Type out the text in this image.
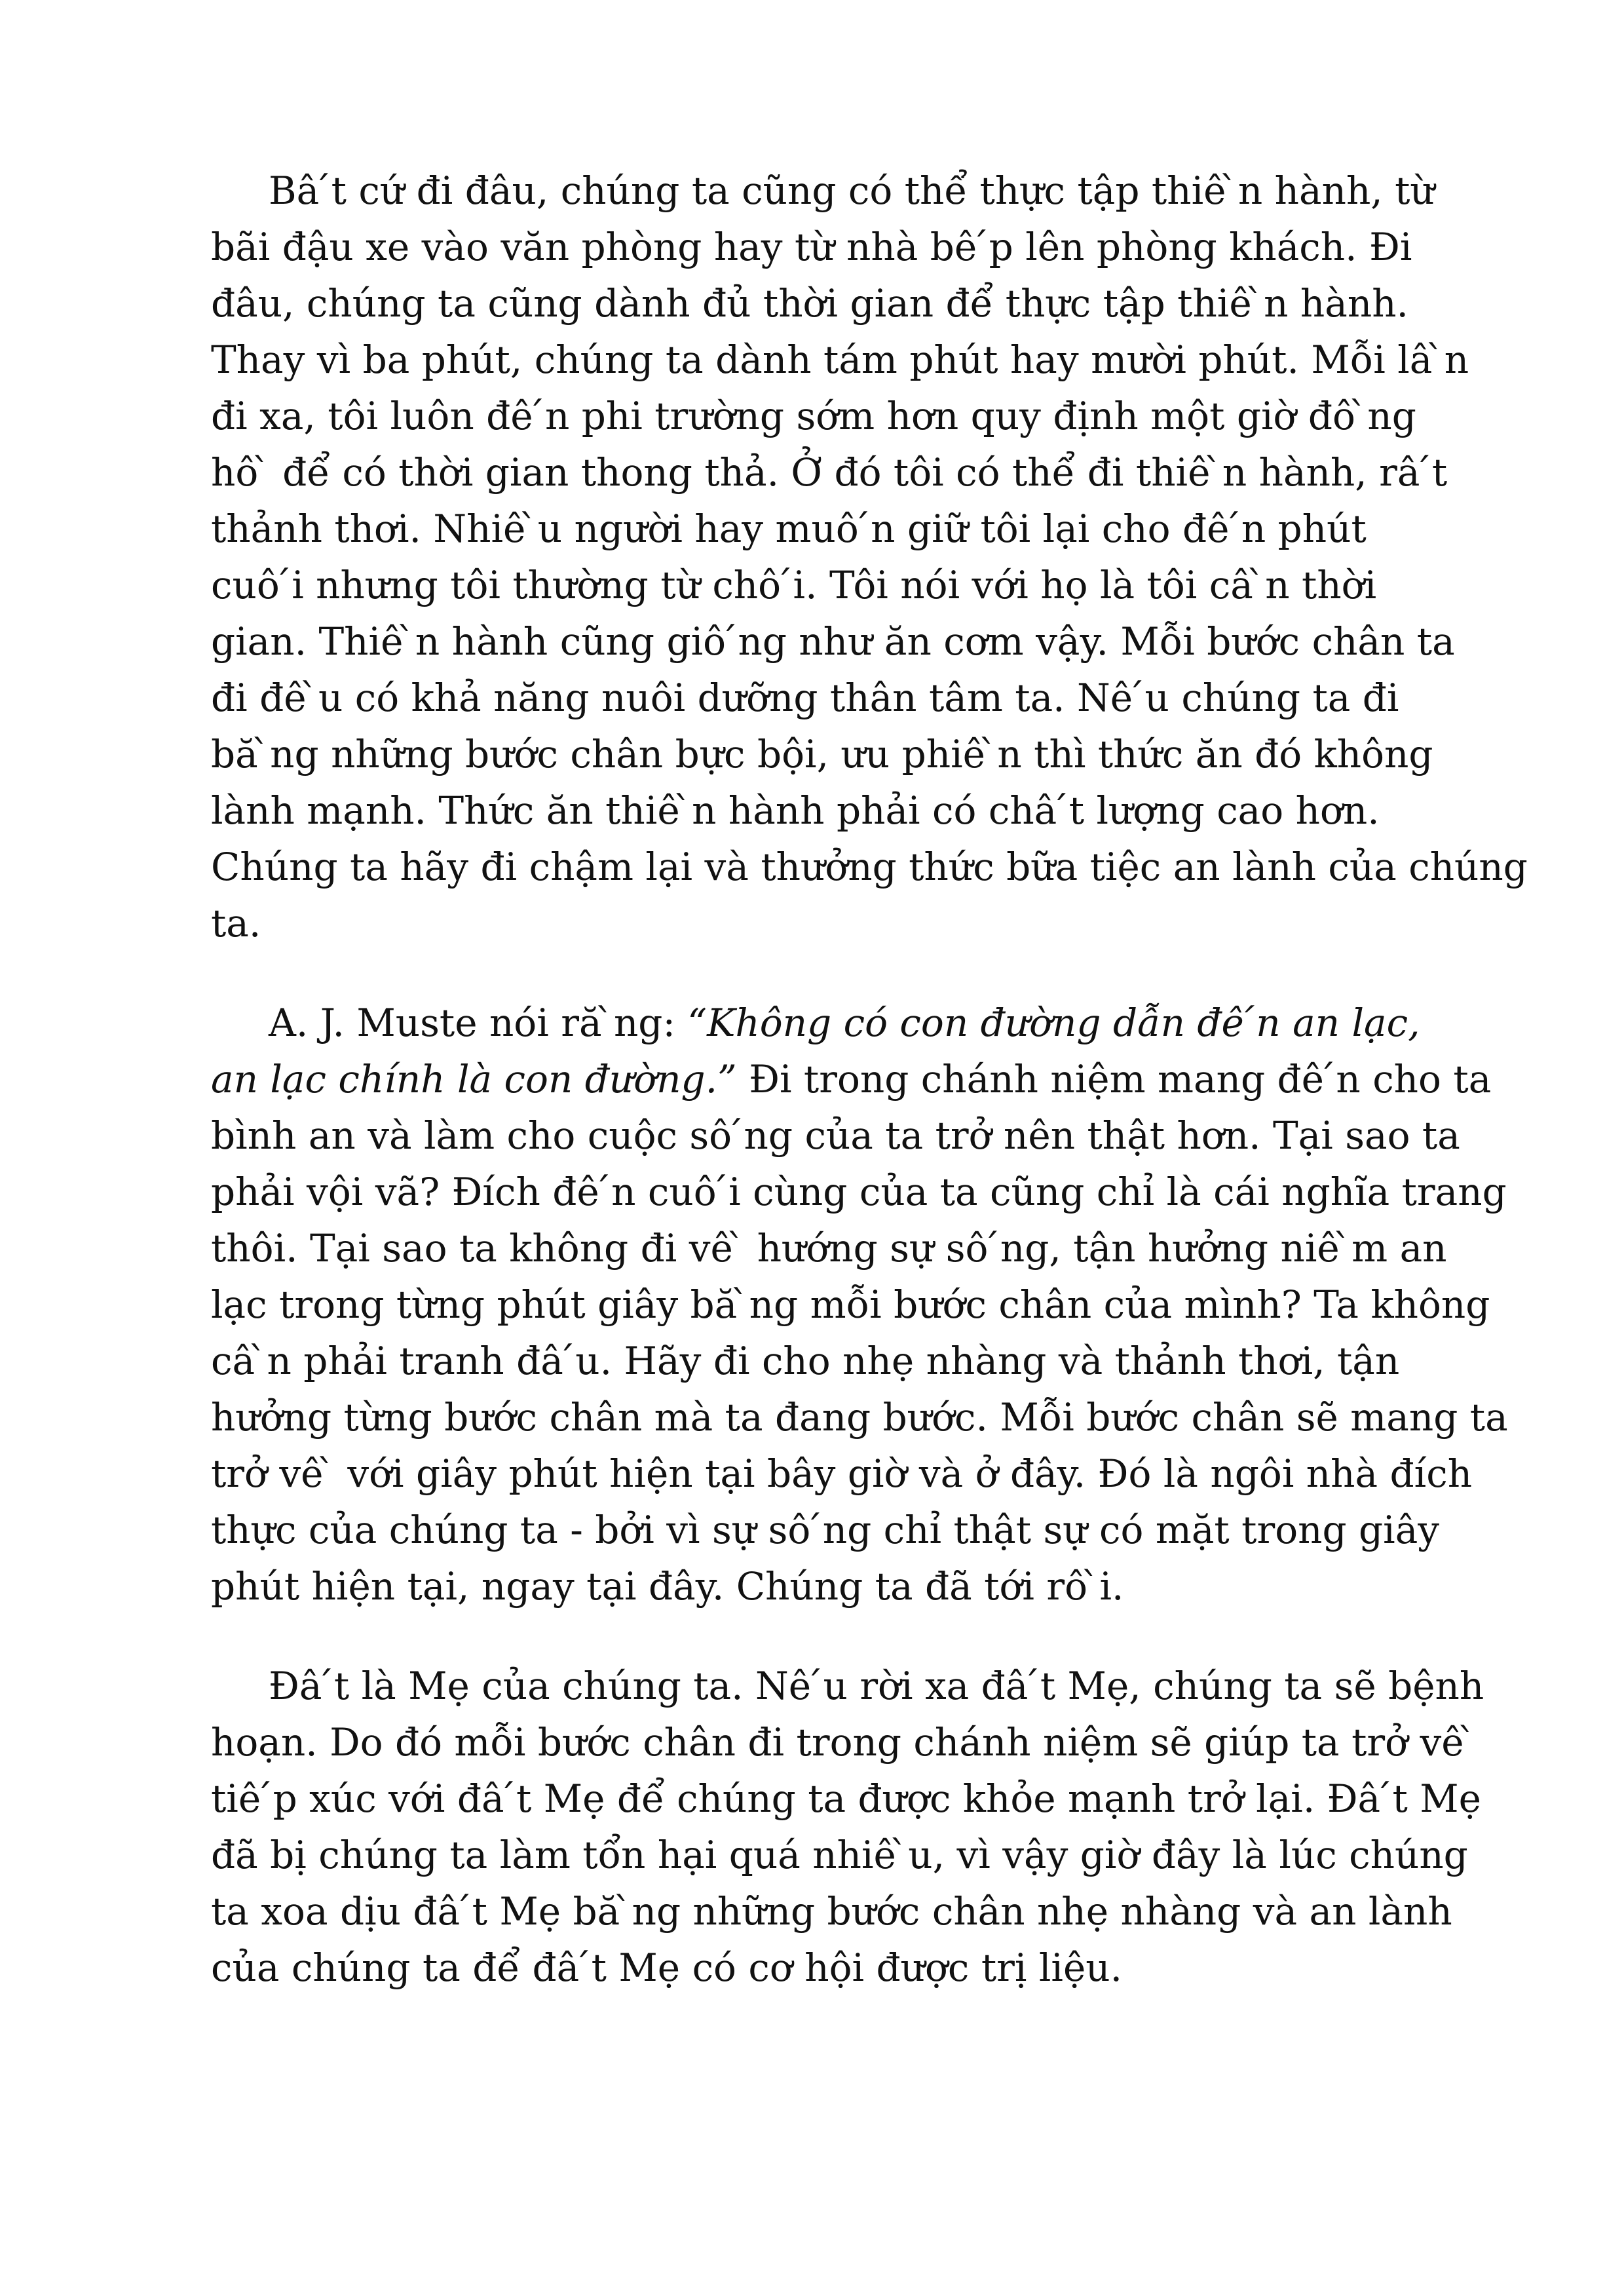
Bâ ́t cứ đi đâu, chúng ta cũng có thể thực tập thiê ̀n hành, từ
bãi đậu xe vào văn phòng hay từ nhà bê ́p lên phòng khách. Đi
đâu, chúng ta cũng dành đủ thời gian để thực tập thiê ̀n hành.
Thay vì ba phút, chúng ta dành tám phút hay mười phút. Mỗi lâ ̀n
đi xa, tôi luôn đê ́n phi trường sớm hơn quy định một giờ đô ̀ng
hô ̀ để có thời gian thong thả. Ở đó tôi có thể đi thiê ̀n hành, râ ́t
thảnh thơi. Nhiê ̀u người hay muô ́n giữ tôi lại cho đê ́n phút
cuô ́i nhưng tôi thường từ chô ́i. Tôi nói với họ là tôi câ ̀n thời
gian. Thiê ̀n hành cũng giô ́ng như ăn cơm vậy. Mỗi bước chân ta
đi đê ̀u có khả năng nuôi dưỡng thân tâm ta. Nê ́u chúng ta đi
bă ̀ng những bước chân bực bội, ưu phiê ̀n thì thức ăn đó không
lành mạnh. Thức ăn thiê ̀n hành phải có châ ́t lượng cao hơn.
Chúng ta hãy đi chậm lại và thưởng thức bữa tiệc an lành của chúng
ta.
A. J. Muste nói ră ̀ng: “Không có con đường dẫn đê ́n an lạc,
an lạc chính là con đường.” Đi trong chánh niệm mang đê ́n cho ta
bình an và làm cho cuộc sô ́ng của ta trở nên thật hơn. Tại sao ta
phải vội vã? Đích đê ́n cuô ́i cùng của ta cũng chỉ là cái nghĩa trang
thôi. Tại sao ta không đi vê ̀ hướng sự sô ́ng, tận hưởng niê ̀m an
lạc trong từng phút giây bă ̀ng mỗi bước chân của mình? Ta không
câ ̀n phải tranh đâ ́u. Hãy đi cho nhẹ nhàng và thảnh thơi, tận
hưởng từng bước chân mà ta đang bước. Mỗi bước chân sẽ mang ta
trở vê ̀ với giây phút hiện tại bây giờ và ở đây. Đó là ngôi nhà đích
thực của chúng ta - bởi vì sự sô ́ng chỉ thật sự có mặt trong giây
phút hiện tại, ngay tại đây. Chúng ta đã tới rô ̀i.
Đâ ́t là Mẹ của chúng ta. Nê ́u rời xa đâ ́t Mẹ, chúng ta sẽ bệnh
hoạn. Do đó mỗi bước chân đi trong chánh niệm sẽ giúp ta trở vê ̀
tiê ́p xúc với đâ ́t Mẹ để chúng ta được khỏe mạnh trở lại. Đâ ́t Mẹ
đã bị chúng ta làm tổn hại quá nhiê ̀u, vì vậy giờ đây là lúc chúng
ta xoa dịu đâ ́t Mẹ bă ̀ng những bước chân nhẹ nhàng và an lành
của chúng ta để đâ ́t Mẹ có cơ hội được trị liệu.
